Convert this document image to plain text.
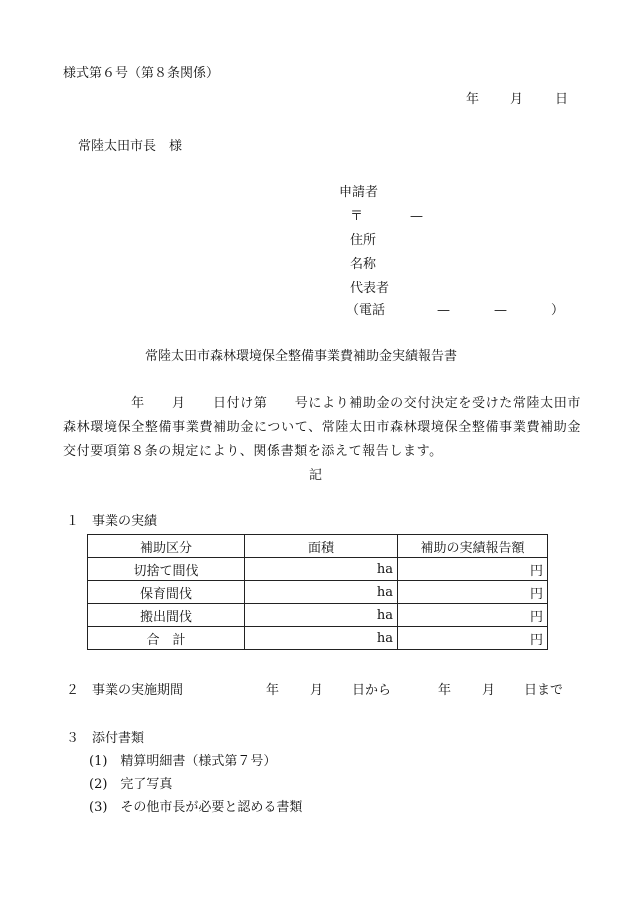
様式第６号（第８条関係）
年 月 日
常陸太田市長　様
申請者
〒	—
住所
名称
代表者
（電話	—	—	）
常陸太田市森林環境保全整備事業費補助金実績報告書
　　　　　年　　月　　日付け第　　号により補助金の交付決定を受けた常陸太田市森林環境保全整備事業費補助金について、常陸太田市森林環境保全整備事業費補助金交付要項第８条の規定により、関係書類を添えて報告します。
記
１　事業の実績
補助区分	面積	補助の実績報告額
切捨て間伐	ha	円
保育間伐	ha	円
搬出間伐	ha	円
合　計	ha	円
２　事業の実施期間	年 月 日から	年 月 日まで
３　添付書類
(1)　精算明細書（様式第７号）
(2)　完了写真
(3)　その他市長が必要と認める書類
